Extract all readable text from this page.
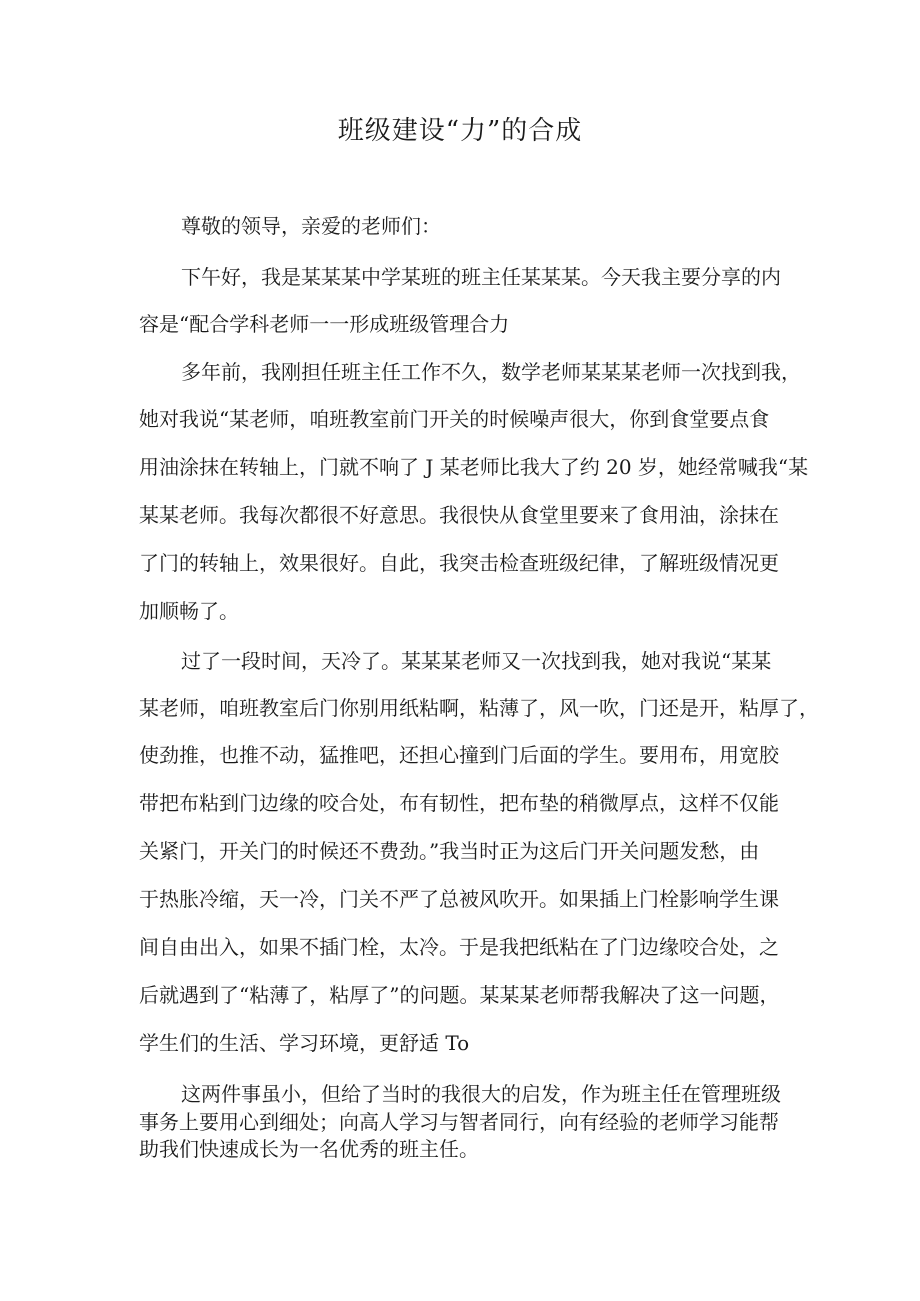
班级建设“力”的合成
尊敬的领导，亲爱的老师们：
下午好，我是某某某中学某班的班主任某某某。今天我主要分享的内
容是“配合学科老师一一形成班级管理合力
多年前，我刚担任班主任工作不久，数学老师某某某老师一次找到我，
她对我说“某老师，咱班教室前门开关的时候噪声很大，你到食堂要点食
用油涂抹在转轴上，门就不响了 J 某老师比我大了约 20 岁，她经常喊我“某
某某老师。我每次都很不好意思。我很快从食堂里要来了食用油，涂抹在
了门的转轴上，效果很好。自此，我突击检查班级纪律，了解班级情况更
加顺畅了。
过了一段时间，天冷了。某某某老师又一次找到我，她对我说“某某
某老师，咱班教室后门你别用纸粘啊，粘薄了，风一吹，门还是开，粘厚了，
使劲推，也推不动，猛推吧，还担心撞到门后面的学生。要用布，用宽胶
带把布粘到门边缘的咬合处，布有韧性，把布垫的稍微厚点，这样不仅能
关紧门，开关门的时候还不费劲。”我当时正为这后门开关问题发愁，由
于热胀冷缩，天一冷，门关不严了总被风吹开。如果插上门栓影响学生课
间自由出入，如果不插门栓，太冷。于是我把纸粘在了门边缘咬合处，之
后就遇到了“粘薄了，粘厚了”的问题。某某某老师帮我解决了这一问题，
学生们的生活、学习环境，更舒适 To
这两件事虽小，但给了当时的我很大的启发，作为班主任在管理班级
事务上要用心到细处；向高人学习与智者同行，向有经验的老师学习能帮
助我们快速成长为一名优秀的班主任。
